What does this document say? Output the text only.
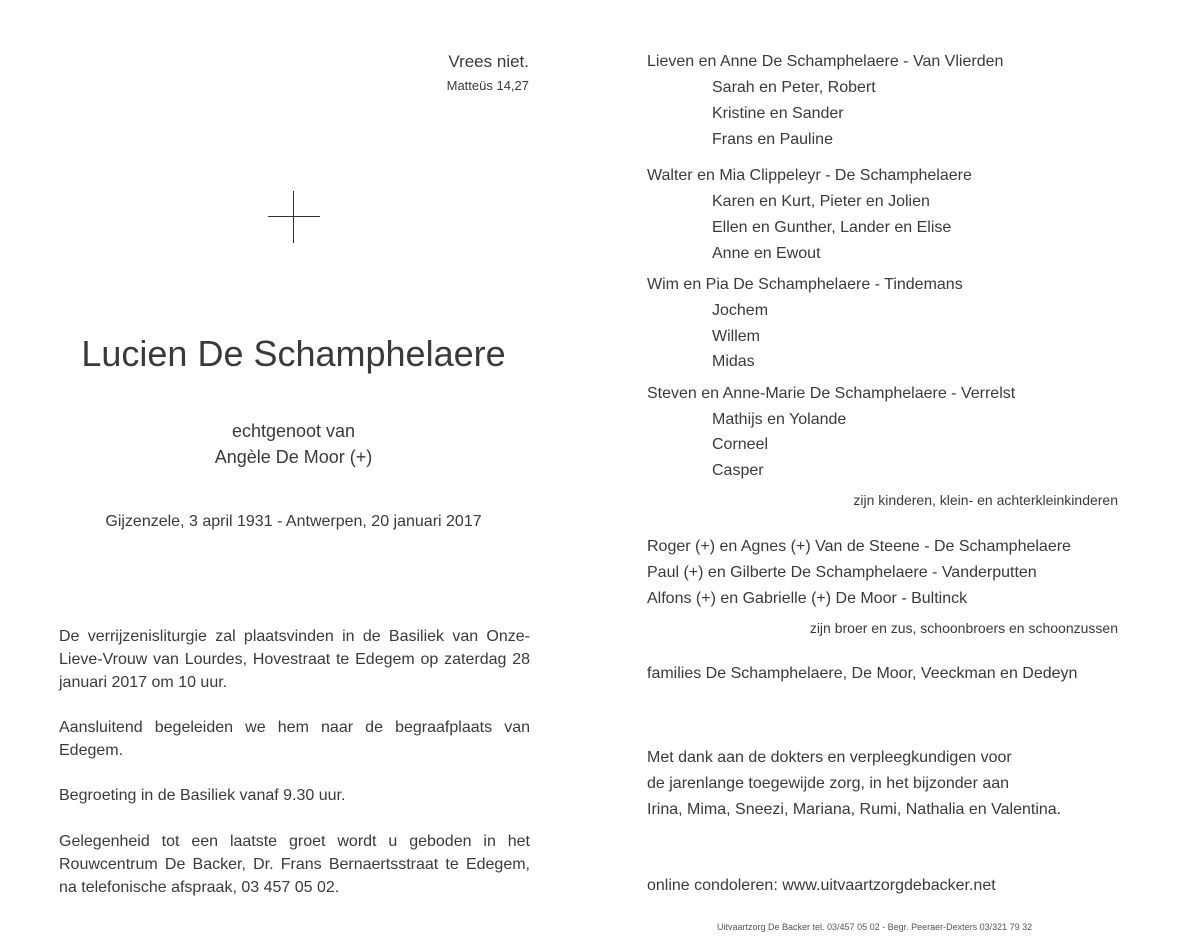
Vrees niet.
Matteüs 14,27
Lucien De Schamphelaere
echtgenoot van
Angèle De Moor (+)
Gijzenzele, 3 april 1931 - Antwerpen, 20 januari 2017
De verrijzenisliturgie zal plaatsvinden in de Basiliek van Onze-Lieve-Vrouw van Lourdes, Hovestraat te Edegem op zaterdag 28 januari 2017 om 10 uur.
Aansluitend begeleiden we hem naar de begraafplaats van Edegem.
Begroeting in de Basiliek vanaf 9.30 uur.
Gelegenheid tot een laatste groet wordt u geboden in het Rouwcentrum De Backer, Dr. Frans Bernaertsstraat te Edegem, na telefonische afspraak, 03 457 05 02.
Lieven en Anne De Schamphelaere - Van Vlierden
Sarah en Peter, Robert
Kristine en Sander
Frans en Pauline
Walter en Mia Clippeleyr - De Schamphelaere
Karen en Kurt, Pieter en Jolien
Ellen en Gunther, Lander en Elise
Anne en Ewout
Wim en Pia De Schamphelaere - Tindemans
Jochem
Willem
Midas
Steven en Anne-Marie De Schamphelaere - Verrelst
Mathijs en Yolande
Corneel
Casper
zijn kinderen, klein- en achterkleinkinderen
Roger (+) en Agnes (+) Van de Steene - De Schamphelaere
Paul (+) en Gilberte De Schamphelaere - Vanderputten
Alfons (+) en Gabrielle (+) De Moor - Bultinck
zijn broer en zus, schoonbroers en schoonzussen
families De Schamphelaere, De Moor, Veeckman en Dedeyn
Met dank aan de dokters en verpleegkundigen voor
de jarenlange toegewijde zorg, in het bijzonder aan
Irina, Mima, Sneezi, Mariana, Rumi, Nathalia en Valentina.
online condoleren: www.uitvaartzorgdebacker.net
Uitvaartzorg De Backer tel. 03/457 05 02 - Begr. Peeraer-Dexters 03/321 79 32
